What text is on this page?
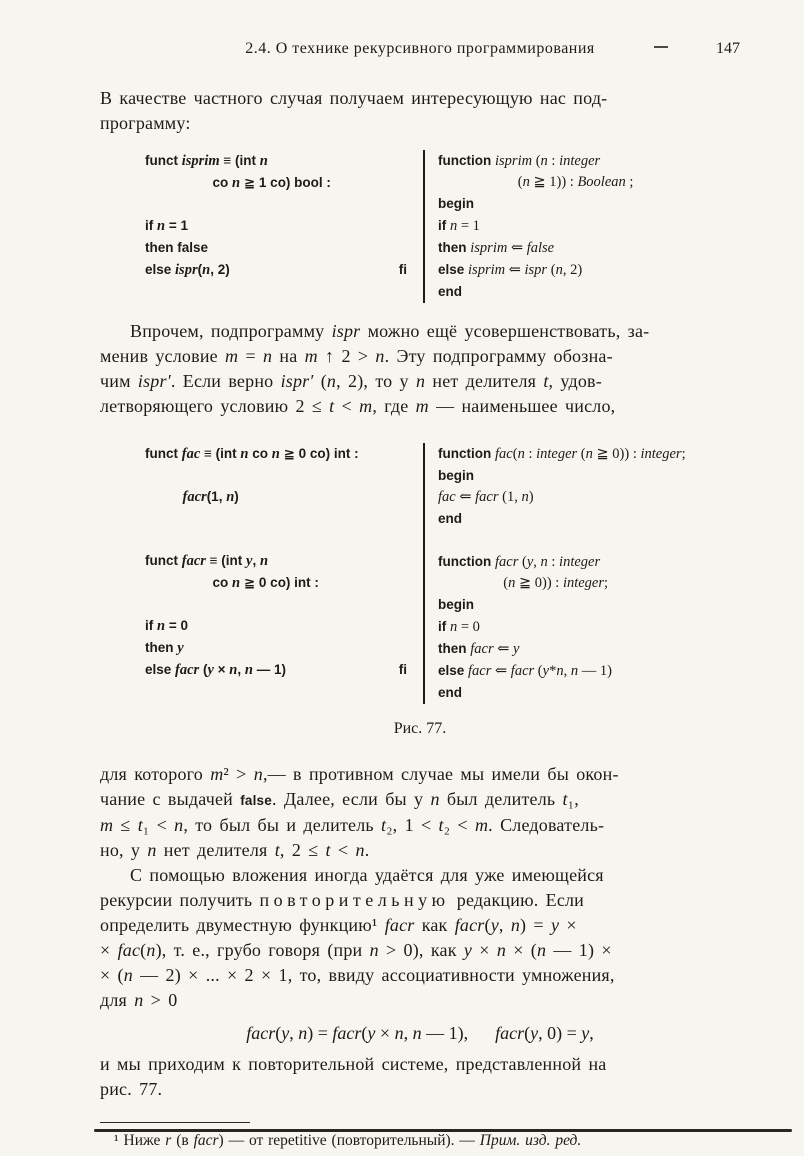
2.4. О технике рекурсивного программирования	147

В качестве частного случая получаем интересующую нас под-
программу:

funct isprim ≡ (int n
co n ≧ 1 co) bool :

if n = 1
then false
else ispr(n, 2)	fi
function isprim (n : integer
(n ≧ 1)) : Boolean ;
begin
if n = 1
then isprim ⇐ false
else isprim ⇐ ispr (n, 2)
end

Впрочем, подпрограмму ispr можно ещё усовершенствовать, за-
менив условие m = n на m ↑ 2 > n. Эту подпрограмму обозна-
чим ispr′. Если верно ispr′ (n, 2), то у n нет делителя t, удов-
летворяющего условию 2 ≤ t < m, где m — наименьшее число,

funct fac ≡ (int n co n ≧ 0 co) int :

facr(1, n)

funct facr ≡ (int y, n
co n ≧ 0 co) int :

if n = 0
then y
else facr (y × n, n — 1)	fi
function fac(n : integer (n ≧ 0)) : integer;
begin
fac ⇐ facr (1, n)
end

function facr (y, n : integer
(n ≧ 0)) : integer;
begin
if n = 0
then facr ⇐ y
else facr ⇐ facr (y*n, n — 1)
end
Рис. 77.

для которого m² > n,— в противном случае мы имели бы окон-
чание с выдачей false. Далее, если бы у n был делитель t₁,
m ≤ t₁ < n, то был бы и делитель t₂, 1 < t₂ < m. Следователь-
но, у n нет делителя t, 2 ≤ t < n.

С помощью вложения иногда удаётся для уже имеющейся
рекурсии получить повторительную редакцию. Если
определить двуместную функцию¹ facr как facr(y, n) = y ×
× fac(n), т. е., грубо говоря (при n > 0), как y × n × (n — 1) ×
× (n — 2) × ... × 2 × 1, то, ввиду ассоциативности умножения,
для n > 0

facr(y, n) = facr(y × n, n — 1),  facr(y, 0) = y,

и мы приходим к повторительной системе, представленной на
рис. 77.

¹ Ниже r (в facr) — от repetitive (повторительный). — Прим. изд. ред.
